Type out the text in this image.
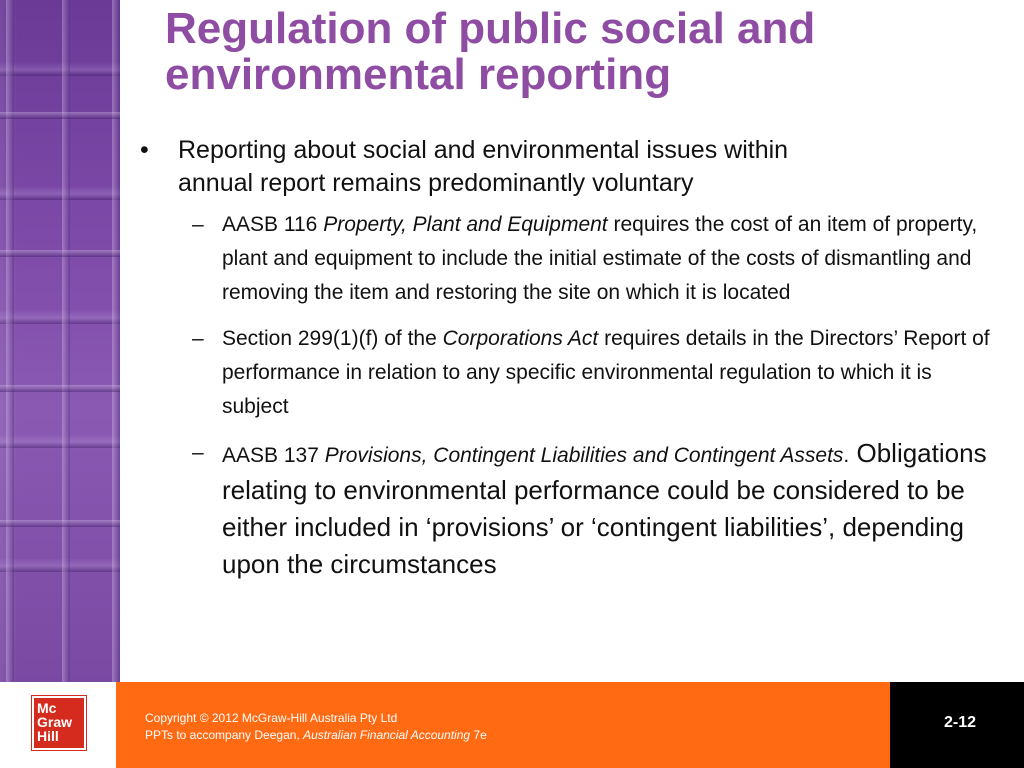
Regulation of public social and
environmental reporting
• Reporting about social and environmental issues within
annual report remains predominantly voluntary
– AASB 116 Property, Plant and Equipment requires the cost of an item of property, plant and equipment to include the initial estimate of the costs of dismantling and removing the item and restoring the site on which it is located
– Section 299(1)(f) of the Corporations Act requires details in the Directors’ Report of performance in relation to any specific environmental regulation to which it is subject
– AASB 137 Provisions, Contingent Liabilities and Contingent Assets. Obligations relating to environmental performance could be considered to be either included in ‘provisions’ or ‘contingent liabilities’, depending upon the circumstances
Mc
Graw
Hill
Copyright © 2012 McGraw-Hill Australia Pty Ltd
PPTs to accompany Deegan, Australian Financial Accounting 7e
2-12
